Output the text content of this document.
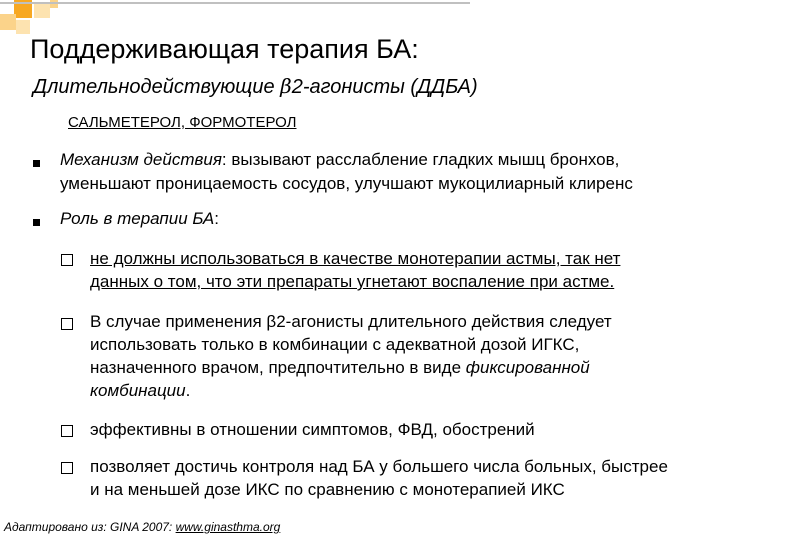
Поддерживающая терапия БА:
Длительнодействующие β2-агонисты (ДДБА)
САЛЬМЕТЕРОЛ, ФОРМОТЕРОЛ
Механизм действия: вызывают расслабление гладких мышц бронхов,
уменьшают проницаемость сосудов, улучшают мукоцилиарный клиренс
Роль в терапии БА:
не должны использоваться в качестве монотерапии астмы, так нет
данных о том, что эти препараты угнетают воспаление при астме.
В случае применения β2-агонисты длительного действия следует
использовать только в комбинации с адекватной дозой ИГКС,
назначенного врачом, предпочтительно в виде фиксированной
комбинации.
эффективны в отношении симптомов, ФВД, обострений
позволяет достичь контроля над БА у большего числа больных, быстрее
и на меньшей дозе ИКС по сравнению с монотерапией ИКС
Адаптировано из: GINA 2007: www.ginasthma.org
